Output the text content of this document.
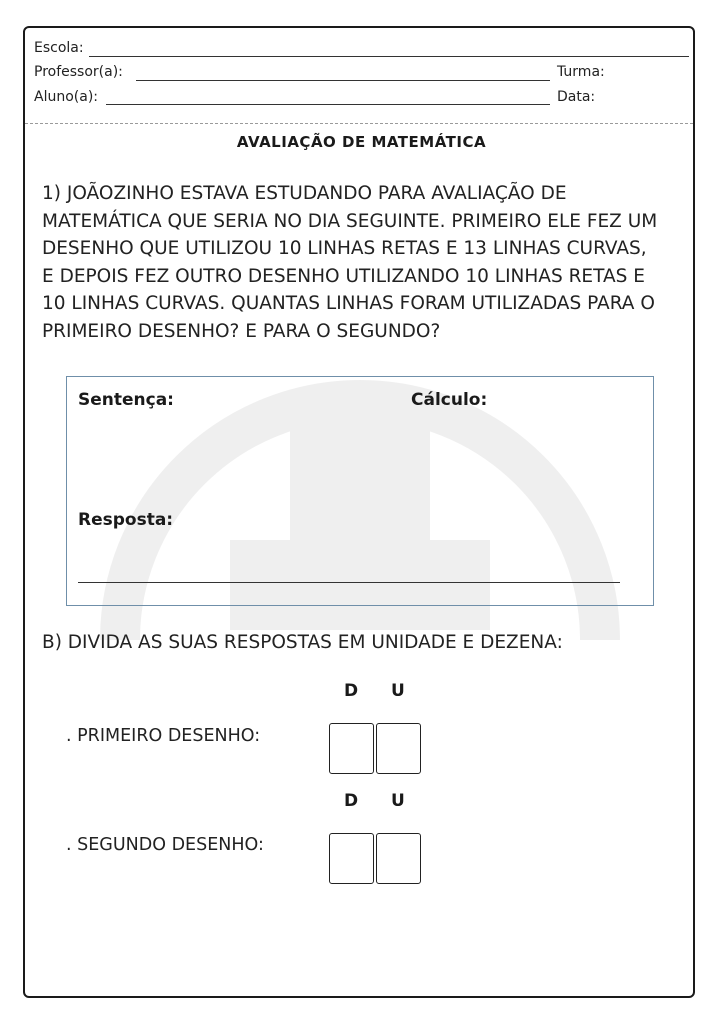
Escola:
Professor(a):	Turma:
Aluno(a):	Data:
AVALIAÇÃO DE MATEMÁTICA
1) JOÃOZINHO ESTAVA ESTUDANDO PARA AVALIAÇÃO DE
MATEMÁTICA QUE SERIA NO DIA SEGUINTE. PRIMEIRO ELE FEZ UM
DESENHO QUE UTILIZOU 10 LINHAS RETAS E 13 LINHAS CURVAS,
E DEPOIS FEZ OUTRO DESENHO UTILIZANDO 10 LINHAS RETAS E
10 LINHAS CURVAS. QUANTAS LINHAS FORAM UTILIZADAS PARA O
PRIMEIRO DESENHO? E PARA O SEGUNDO?
Sentença:	Cálculo:
Resposta:
B) DIVIDA AS SUAS RESPOSTAS EM UNIDADE E DEZENA:
D U
. PRIMEIRO DESENHO:
D U
. SEGUNDO DESENHO:
